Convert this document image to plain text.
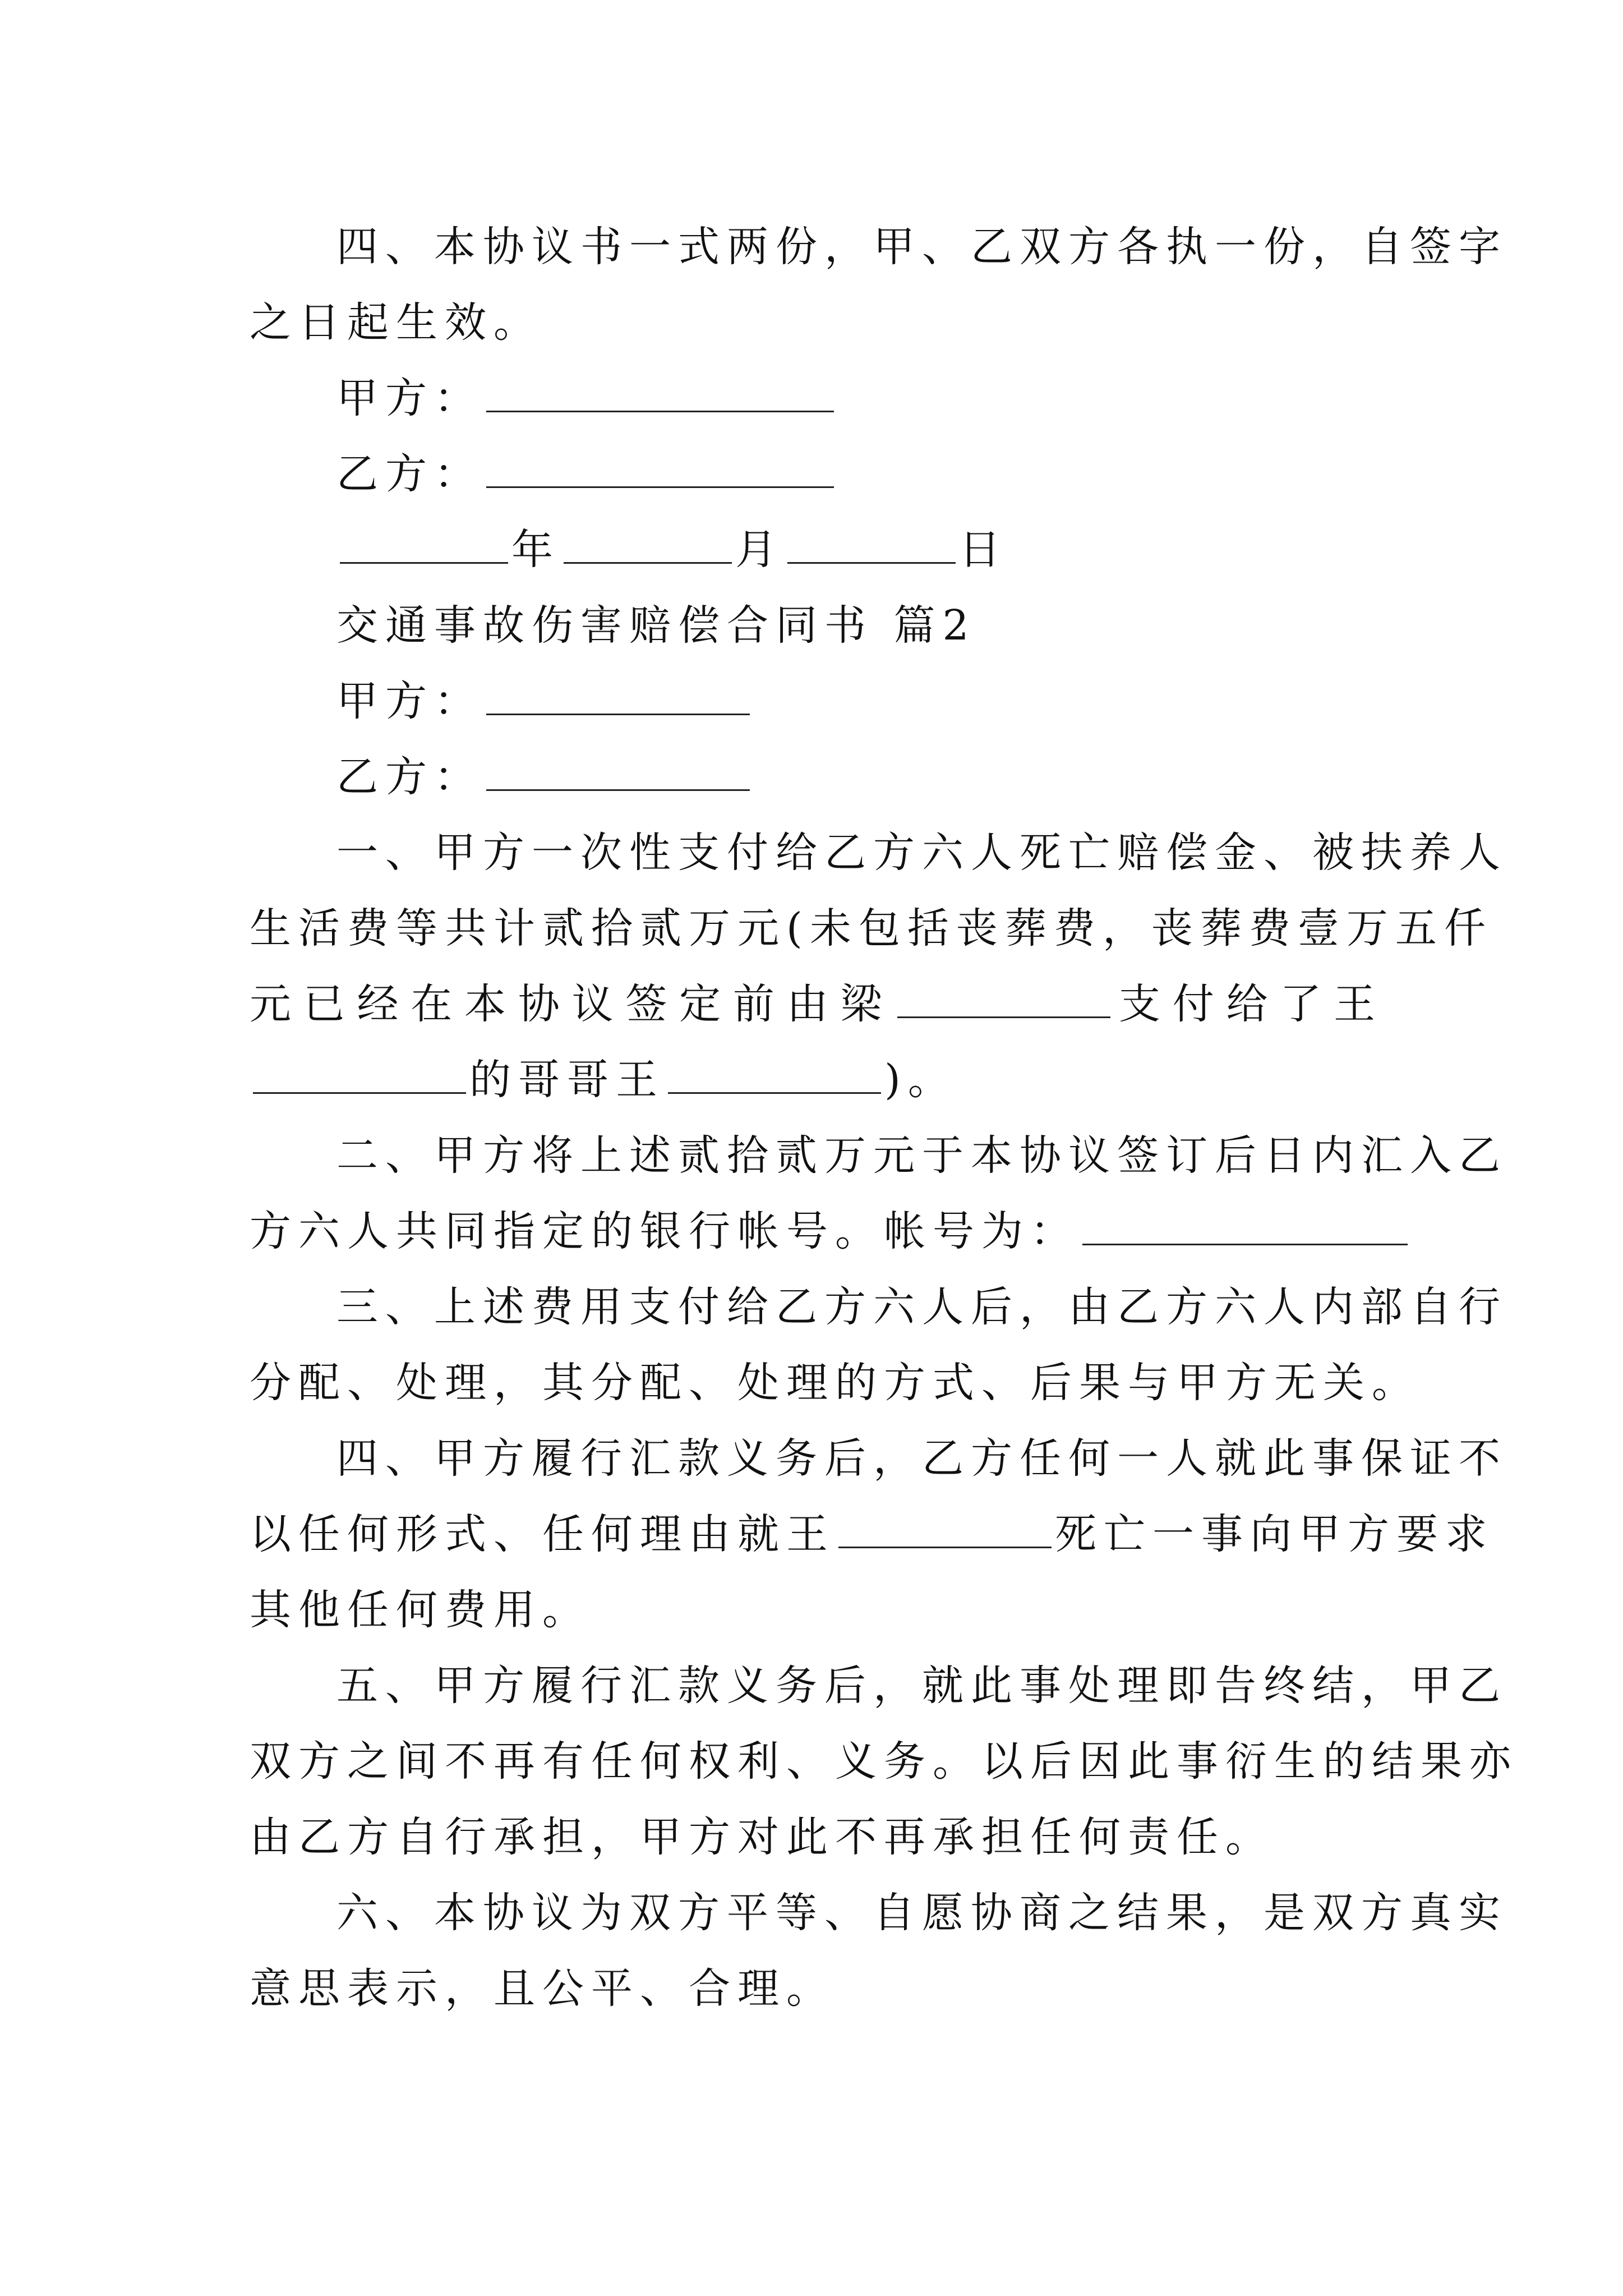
四、本协议书一式两份，甲、乙双方各执一份，自签字
之日起生效。
甲方：
乙方：
年	月	日
交通事故伤害赔偿合同书 篇2
甲方：
乙方：
一、甲方一次性支付给乙方六人死亡赔偿金、被扶养人
生活费等共计贰拾贰万元(未包括丧葬费，丧葬费壹万五仟
元已经在本协议签定前由梁	支付给了王
的哥哥王	)。
二、甲方将上述贰拾贰万元于本协议签订后日内汇入乙
方六人共同指定的银行帐号。帐号为：
三、上述费用支付给乙方六人后，由乙方六人内部自行
分配、处理，其分配、处理的方式、后果与甲方无关。
四、甲方履行汇款义务后，乙方任何一人就此事保证不
以任何形式、任何理由就王	死亡一事向甲方要求
其他任何费用。
五、甲方履行汇款义务后，就此事处理即告终结，甲乙
双方之间不再有任何权利、义务。以后因此事衍生的结果亦
由乙方自行承担，甲方对此不再承担任何责任。
六、本协议为双方平等、自愿协商之结果，是双方真实
意思表示，且公平、合理。
